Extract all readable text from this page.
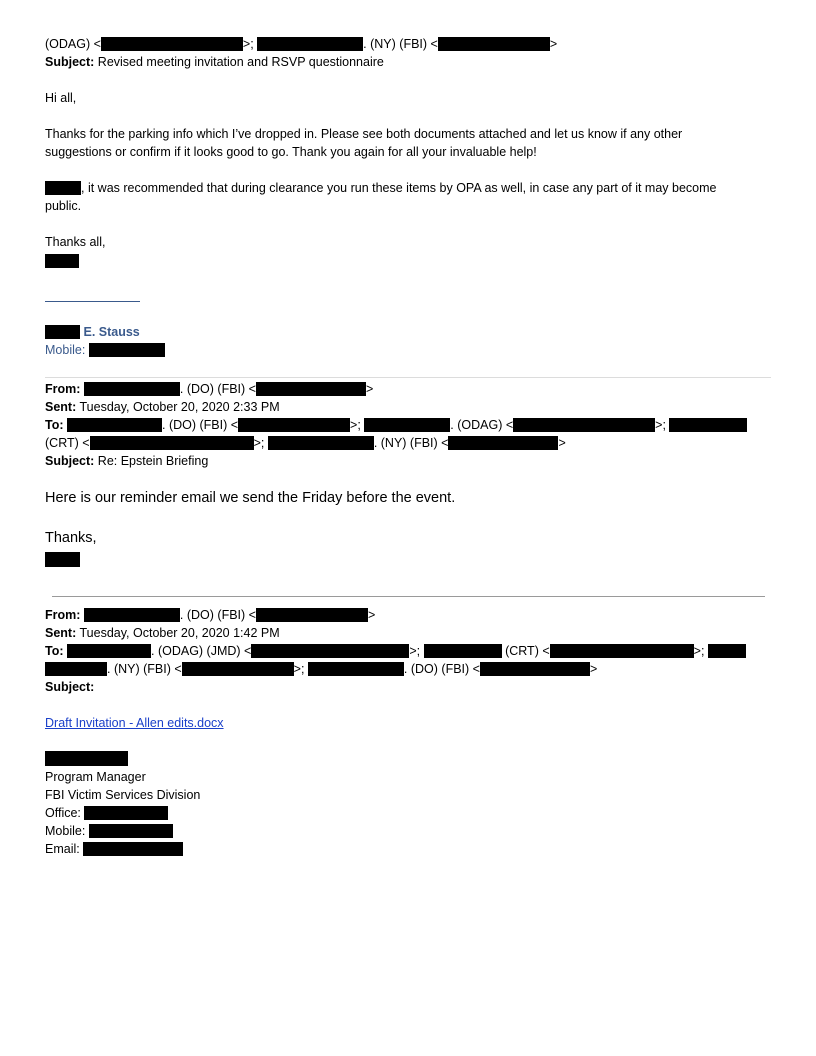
(ODAG) <	>;	. (NY) (FBI) <	>
Subject: Revised meeting invitation and RSVP questionnaire
Hi all,
Thanks for the parking info which I’ve dropped in. Please see both documents attached and let us know if any other
suggestions or confirm if it looks good to go. Thank you again for all your invaluable help!
, it was recommended that during clearance you run these items by OPA as well, in case any part of it may become
public.
Thanks all,
E. Stauss
Mobile:
From:	. (DO) (FBI) <	>
Sent: Tuesday, October 20, 2020 2:33 PM
To:	. (DO) (FBI) <	>;	. (ODAG) <	>;
(CRT) <	>;	. (NY) (FBI) <	>
Subject: Re: Epstein Briefing
Here is our reminder email we send the Friday before the event.
Thanks,
From:	. (DO) (FBI) <	>
Sent: Tuesday, October 20, 2020 1:42 PM
To:	. (ODAG) (JMD) <	>;	(CRT) <	>;
. (NY) (FBI) <	>;	. (DO) (FBI) <	>
Subject:
Draft Invitation - Allen edits.docx
Program Manager
FBI Victim Services Division
Office:
Mobile:
Email:
